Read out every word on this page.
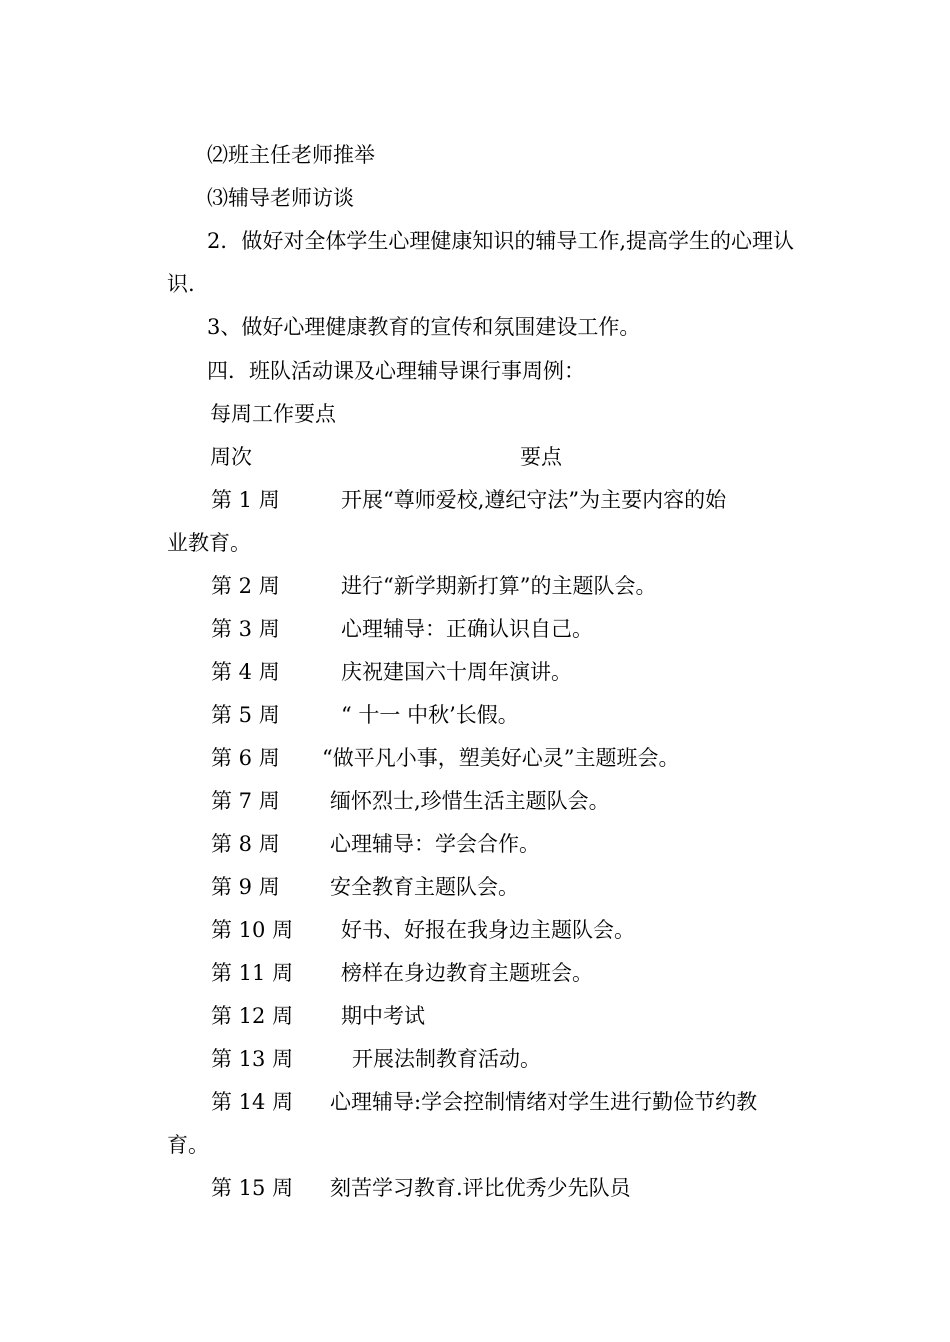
⑵班主任老师推举
⑶辅导老师访谈
2．做好对全体学生心理健康知识的辅导工作,提高学生的心理认
识.
3、做好心理健康教育的宣传和氛围建设工作。
四．班队活动课及心理辅导课行事周例：
每周工作要点
周次	要点
第 1 周	开展“尊师爱校,遵纪守法”为主要内容的始
业教育。
第 2 周	进行“新学期新打算”的主题队会。
第 3 周	心理辅导：正确认识自己。
第 4 周	庆祝建国六十周年演讲。
第 5 周	“ 十一 中秋’长假。
第 6 周 “做平凡小事，塑美好心灵”主题班会。
第 7 周 缅怀烈士,珍惜生活主题队会。
第 8 周 心理辅导：学会合作。
第 9 周 安全教育主题队会。
第 10 周 好书、好报在我身边主题队会。
第 11 周 榜样在身边教育主题班会。
第 12 周 期中考试
第 13 周	开展法制教育活动。
第 14 周 心理辅导:学会控制情绪对学生进行勤俭节约教
育。
第 15 周 刻苦学习教育.评比优秀少先队员
